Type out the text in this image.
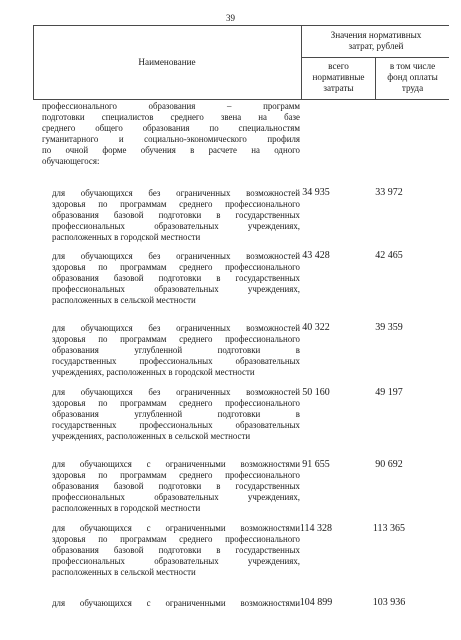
39
Наименование
Значения нормативных
затрат, рублей
всего
нормативные
затраты
в том числе
фонд оплаты
труда
профессионального образования – программ
подготовки специалистов среднего звена на базе
среднего общего образования по специальностям
гуманитарного и социально-экономического профиля
по очной форме обучения в расчете на одного
обучающегося:
для обучающихся без ограниченных возможностей
здоровья по программам среднего профессионального
образования базовой подготовки в государственных
профессиональных образовательных учреждениях,
расположенных в городской местности
34 935	33 972
для обучающихся без ограниченных возможностей
здоровья по программам среднего профессионального
образования базовой подготовки в государственных
профессиональных образовательных учреждениях,
расположенных в сельской местности
43 428	42 465
для обучающихся без ограниченных возможностей
здоровья по программам среднего профессионального
образования углубленной подготовки в
государственных профессиональных образовательных
учреждениях, расположенных в городской местности
40 322	39 359
для обучающихся без ограниченных возможностей
здоровья по программам среднего профессионального
образования углубленной подготовки в
государственных профессиональных образовательных
учреждениях, расположенных в сельской местности
50 160	49 197
для обучающихся с ограниченными возможностями
здоровья по программам среднего профессионального
образования базовой подготовки в государственных
профессиональных образовательных учреждениях,
расположенных в городской местности
91 655	90 692
для обучающихся с ограниченными возможностями
здоровья по программам среднего профессионального
образования базовой подготовки в государственных
профессиональных образовательных учреждениях,
расположенных в сельской местности
114 328	113 365
для обучающихся с ограниченными возможностями 104 899	103 936
